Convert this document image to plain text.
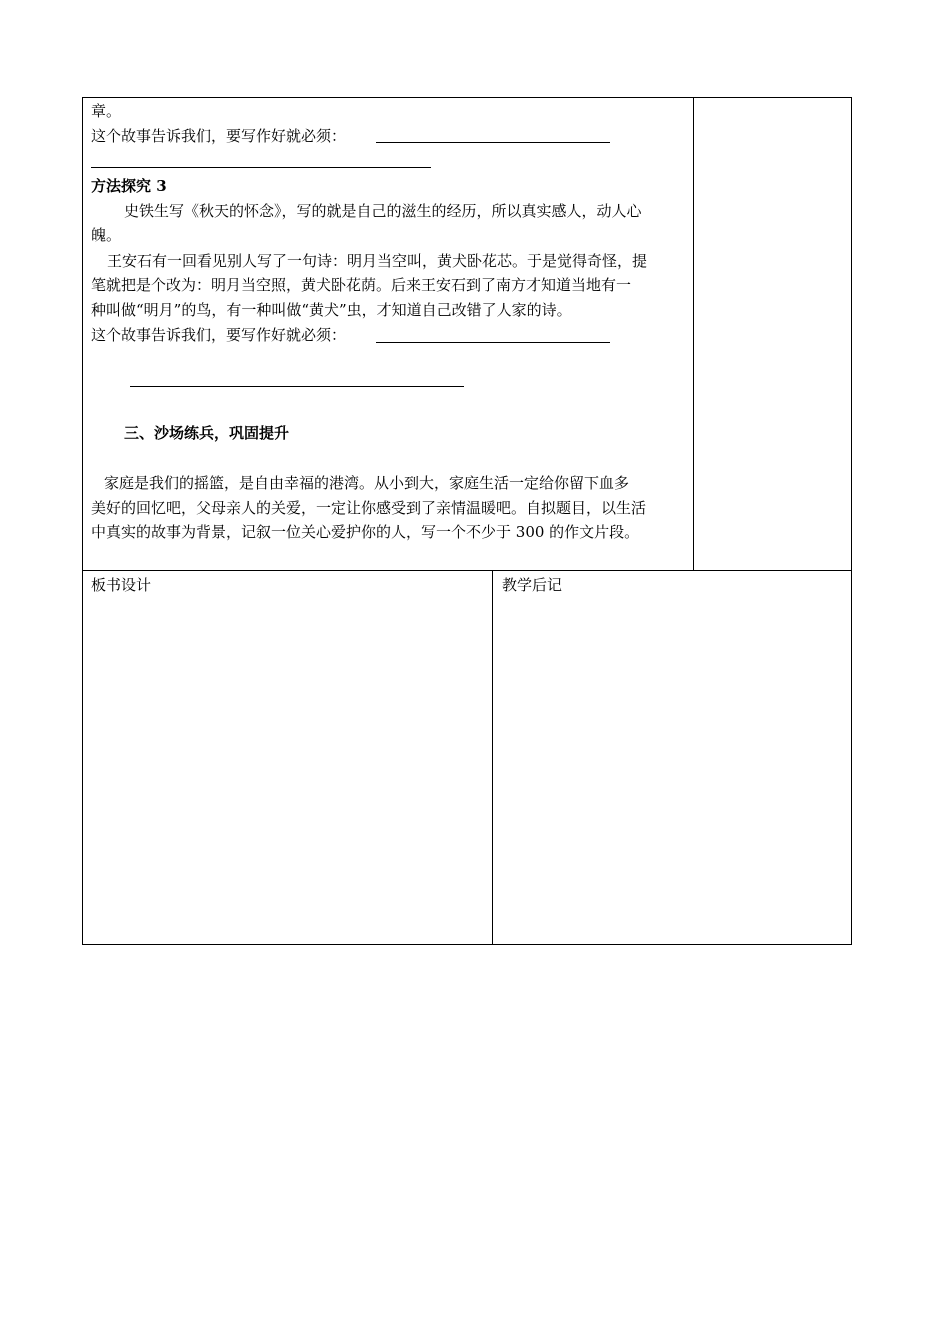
章。
这个故事告诉我们，要写作好就必须：
方法探究 3
史铁生写《秋天的怀念》，写的就是自己的滋生的经历，所以真实感人，动人心
魄。
王安石有一回看见别人写了一句诗：明月当空叫，黄犬卧花芯。于是觉得奇怪，提
笔就把是个改为：明月当空照，黄犬卧花荫。后来王安石到了南方才知道当地有一
种叫做“明月”的鸟，有一种叫做“黄犬”虫，才知道自己改错了人家的诗。
这个故事告诉我们，要写作好就必须：
三、沙场练兵，巩固提升
家庭是我们的摇篮，是自由幸福的港湾。从小到大，家庭生活一定给你留下血多
美好的回忆吧，父母亲人的关爱，一定让你感受到了亲情温暖吧。自拟题目，以生活
中真实的故事为背景，记叙一位关心爱护你的人，写一个不少于 300 的作文片段。
板书设计	教学后记
